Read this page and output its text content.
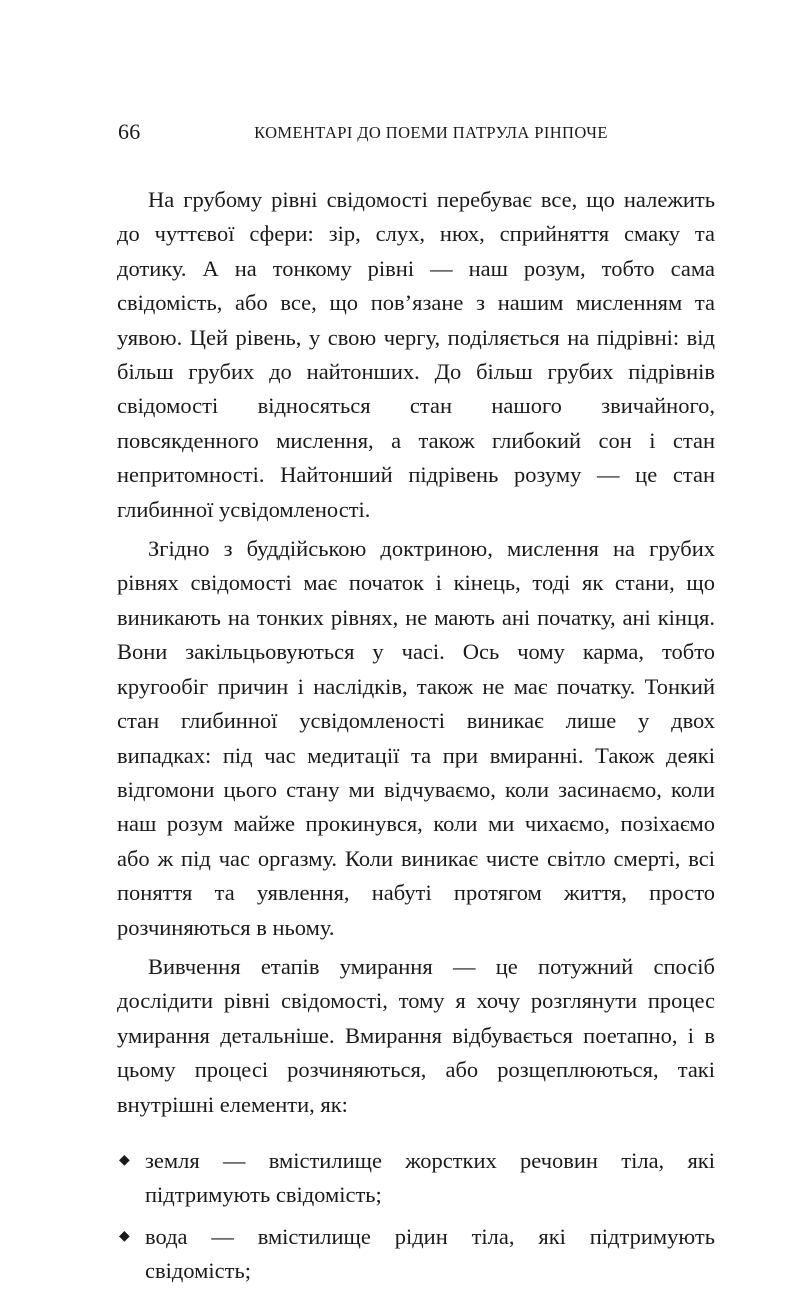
66	КОМЕНТАРІ ДО ПОЕМИ ПАТРУЛА РІНПОЧЕ

На грубому рівні свідомості перебуває все, що належить до чуттєвої сфери: зір, слух, нюх, сприйняття смаку та дотику. А на тонкому рівні — наш розум, тобто сама свідомість, або все, що пов’язане з нашим мисленням та уявою. Цей рівень, у свою чергу, поділяється на підрівні: від більш грубих до найтонших. До більш грубих підрівнів свідомості відносяться стан нашого звичайного, повсякденного мислення, а також глибокий сон і стан непритомності. Найтонший підрівень розуму — це стан глибинної усвідомленості.

Згідно з буддійською доктриною, мислення на грубих рівнях свідомості має початок і кінець, тоді як стани, що виникають на тонких рівнях, не мають ані початку, ані кінця. Вони закільцьовуються у часі. Ось чому карма, тобто кругообіг причин і наслідків, також не має початку. Тонкий стан глибинної усвідомленості виникає лише у двох випадках: під час медитації та при вмиранні. Також деякі відгомони цього стану ми відчуваємо, коли засинаємо, коли наш розум майже прокинувся, коли ми чихаємо, позіхаємо або ж під час оргазму. Коли виникає чисте світло смерті, всі поняття та уявлення, набуті протягом життя, просто розчиняються в ньому.

Вивчення етапів умирання — це потужний спосіб дослідити рівні свідомості, тому я хочу розглянути процес умирання детальніше. Вмирання відбувається поетапно, і в цьому процесі розчиняються, або розщеплюються, такі внутрішні елементи, як:

◆ земля — вмістилище жорстких речовин тіла, які підтримують свідомість;
◆ вода — вмістилище рідин тіла, які підтримують свідомість;
